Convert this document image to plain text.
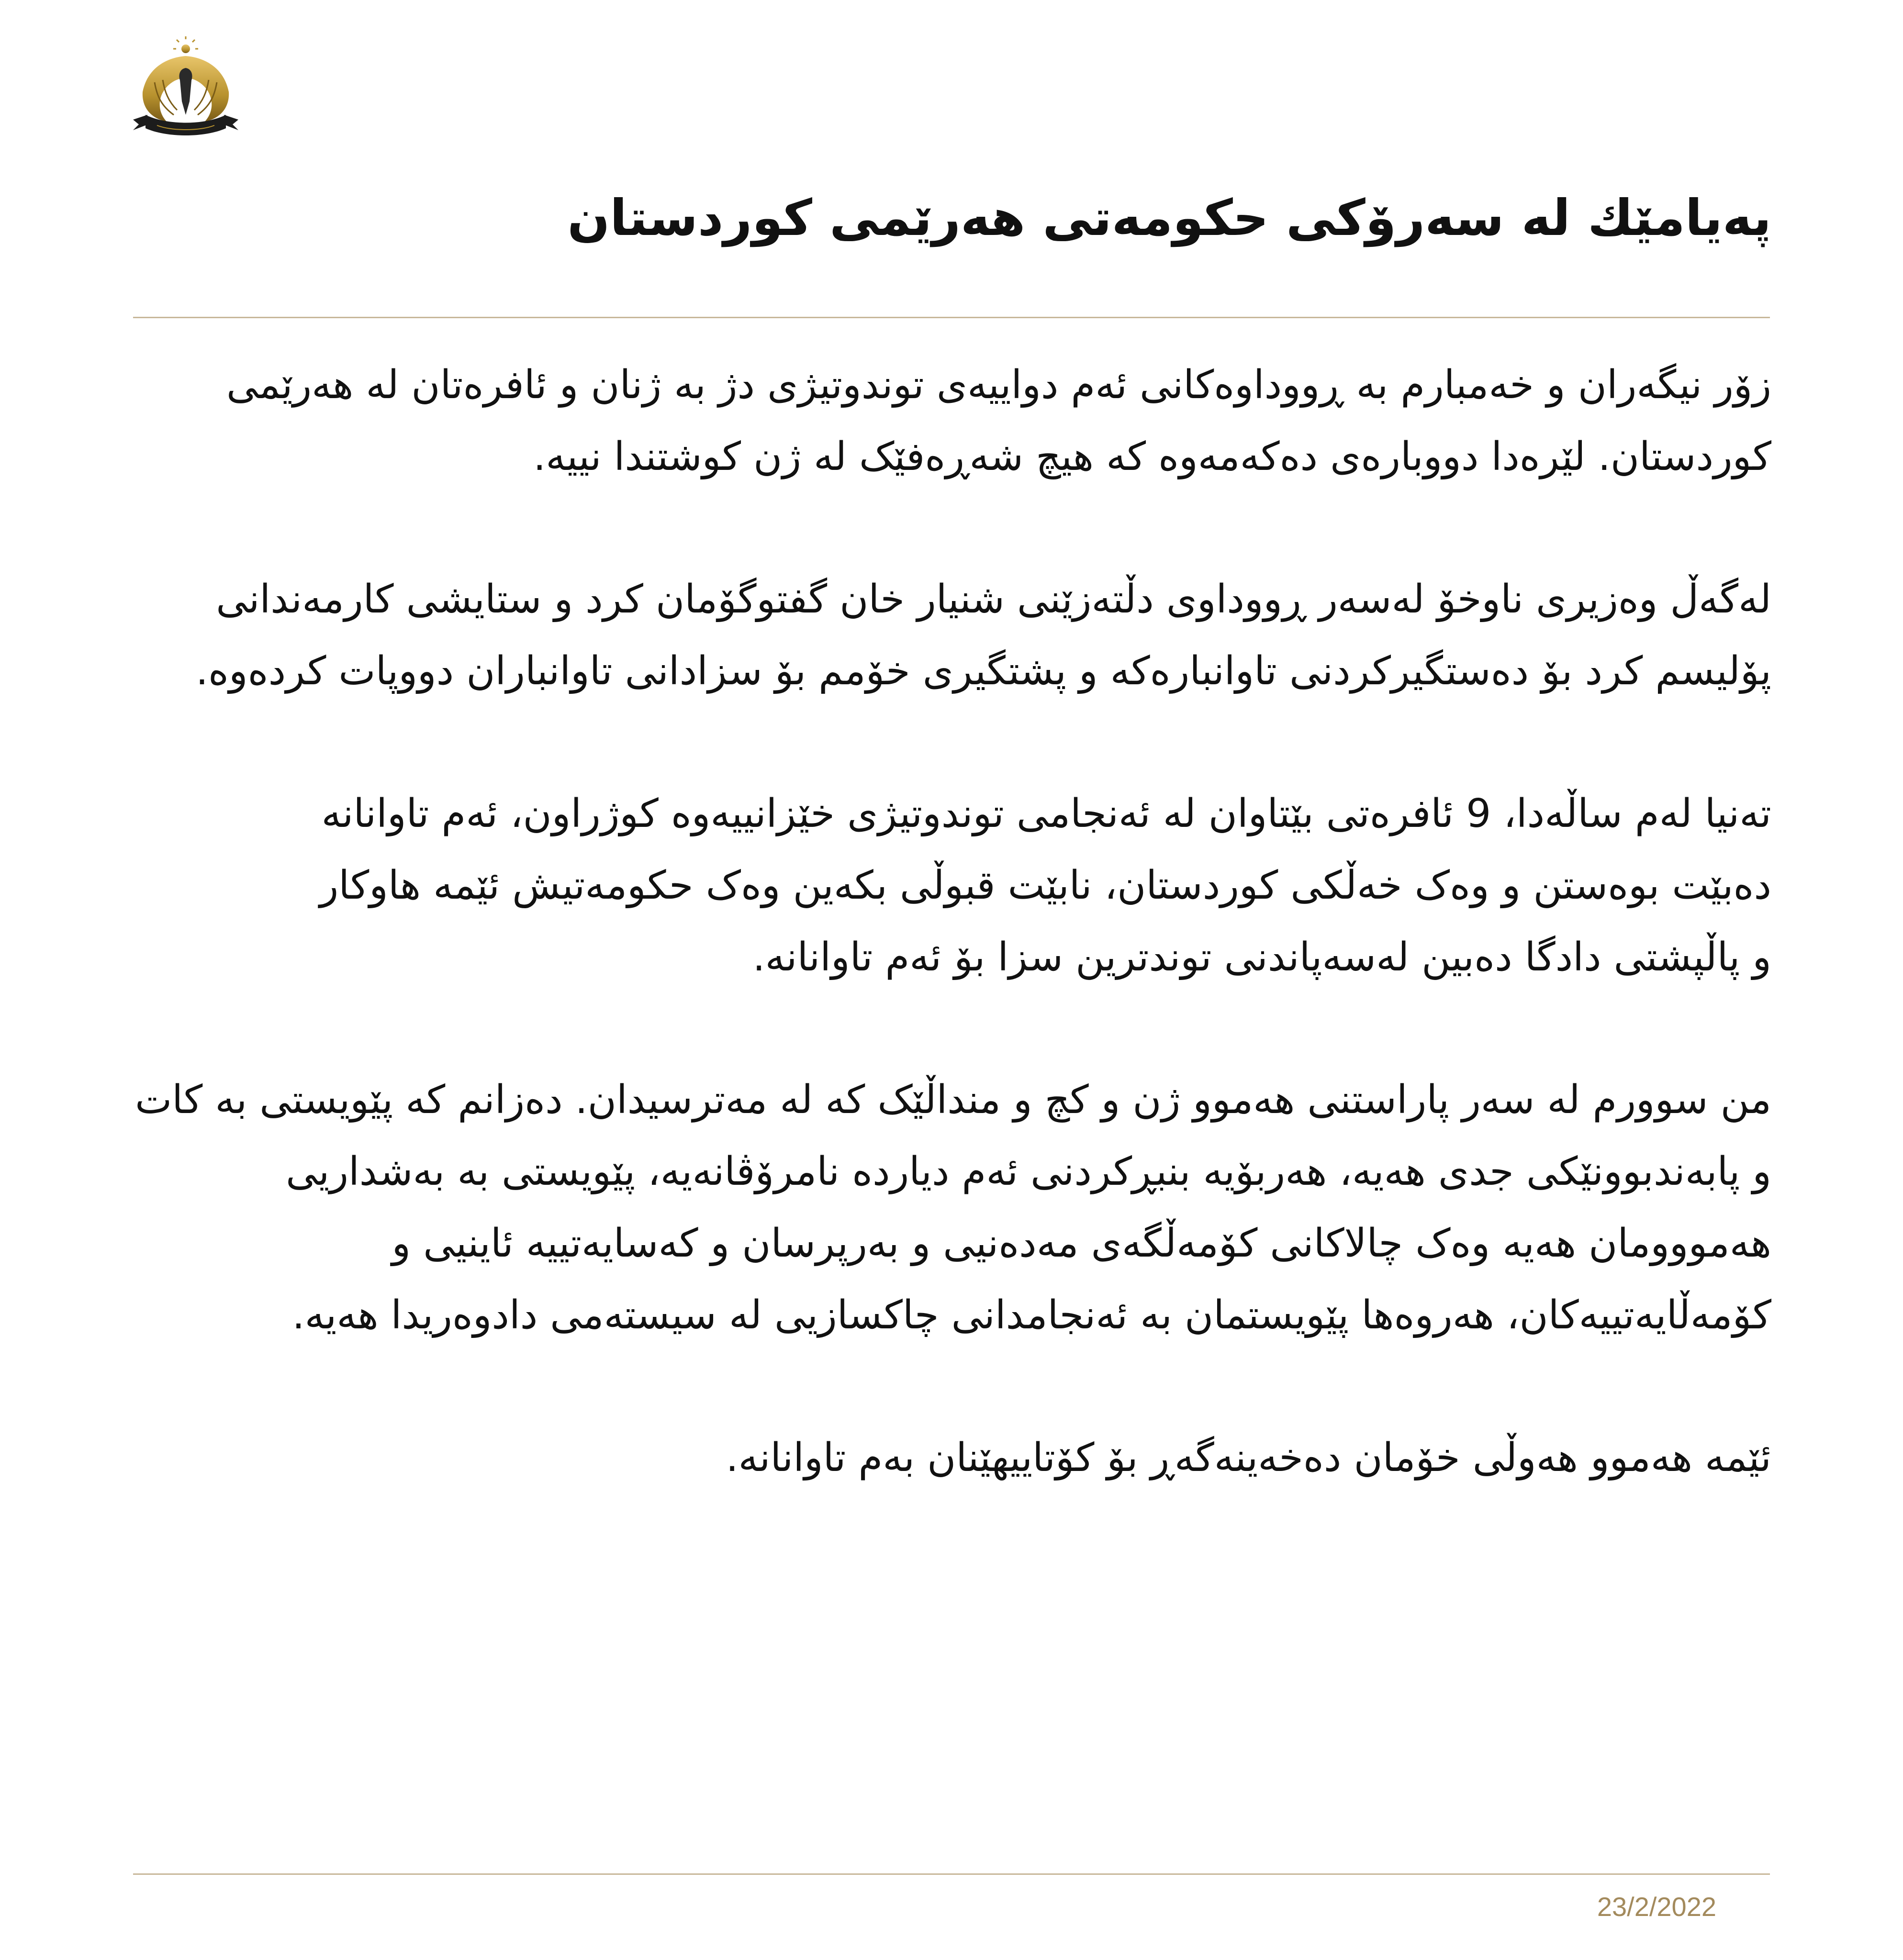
پەیامێك لە سەرۆكی حكومەتی هەرێمی كوردستان

زۆر نیگەران و خەمبارم بە ڕووداوەکانی ئەم دواییەی توندوتیژی دژ بە ژنان و ئافرەتان لە هەرێمی کوردستان. لێرەدا دووبارەی دەکەمەوە کە هیچ شەڕەفێک لە ژن کوشتندا نییە.

لەگەڵ وەزیری ناوخۆ لەسەر ڕووداوی دڵتەزێنی شنیار خان گفتوگۆمان کرد و ستایشی کارمەندانی پۆلیسم کرد بۆ دەستگیرکردنی تاوانبارەکە و پشتگیری خۆمم بۆ سزادانی تاوانباران دووپات کردەوە.

تەنیا لەم ساڵەدا، 9 ئافرەتی بێتاوان لە ئەنجامی توندوتیژی خێزانییەوە کوژراون، ئەم تاوانانە دەبێت بوەستن و وەک خەڵکی کوردستان، نابێت قبوڵی بکەین وەک حکومەتیش ئێمە هاوکار و پاڵپشتی دادگا دەبین لەسەپاندنی توندترین سزا بۆ ئەم تاوانانە.

من سوورم لە سەر پاراستنی هەموو ژن و کچ و منداڵێک کە لە مەترسیدان. دەزانم کە پێویستی بە کات و پابەندبوونێکی جدی هەیە، هەربۆیە بنبڕکردنی ئەم دیاردە نامرۆڤانەیە، پێویستی بە بەشداریی هەمووومان هەیە وەک چالاکانی کۆمەڵگەی مەدەنیی و بەرپرسان و کەسایەتییە ئاینیی و کۆمەڵایەتییەکان، هەروەها پێویستمان بە ئەنجامدانی چاکسازیی لە سیستەمی دادوەریدا هەیە.

ئێمە هەموو هەوڵی خۆمان دەخەینەگەڕ بۆ کۆتاییهێنان بەم تاوانانە.

23/2/2022
